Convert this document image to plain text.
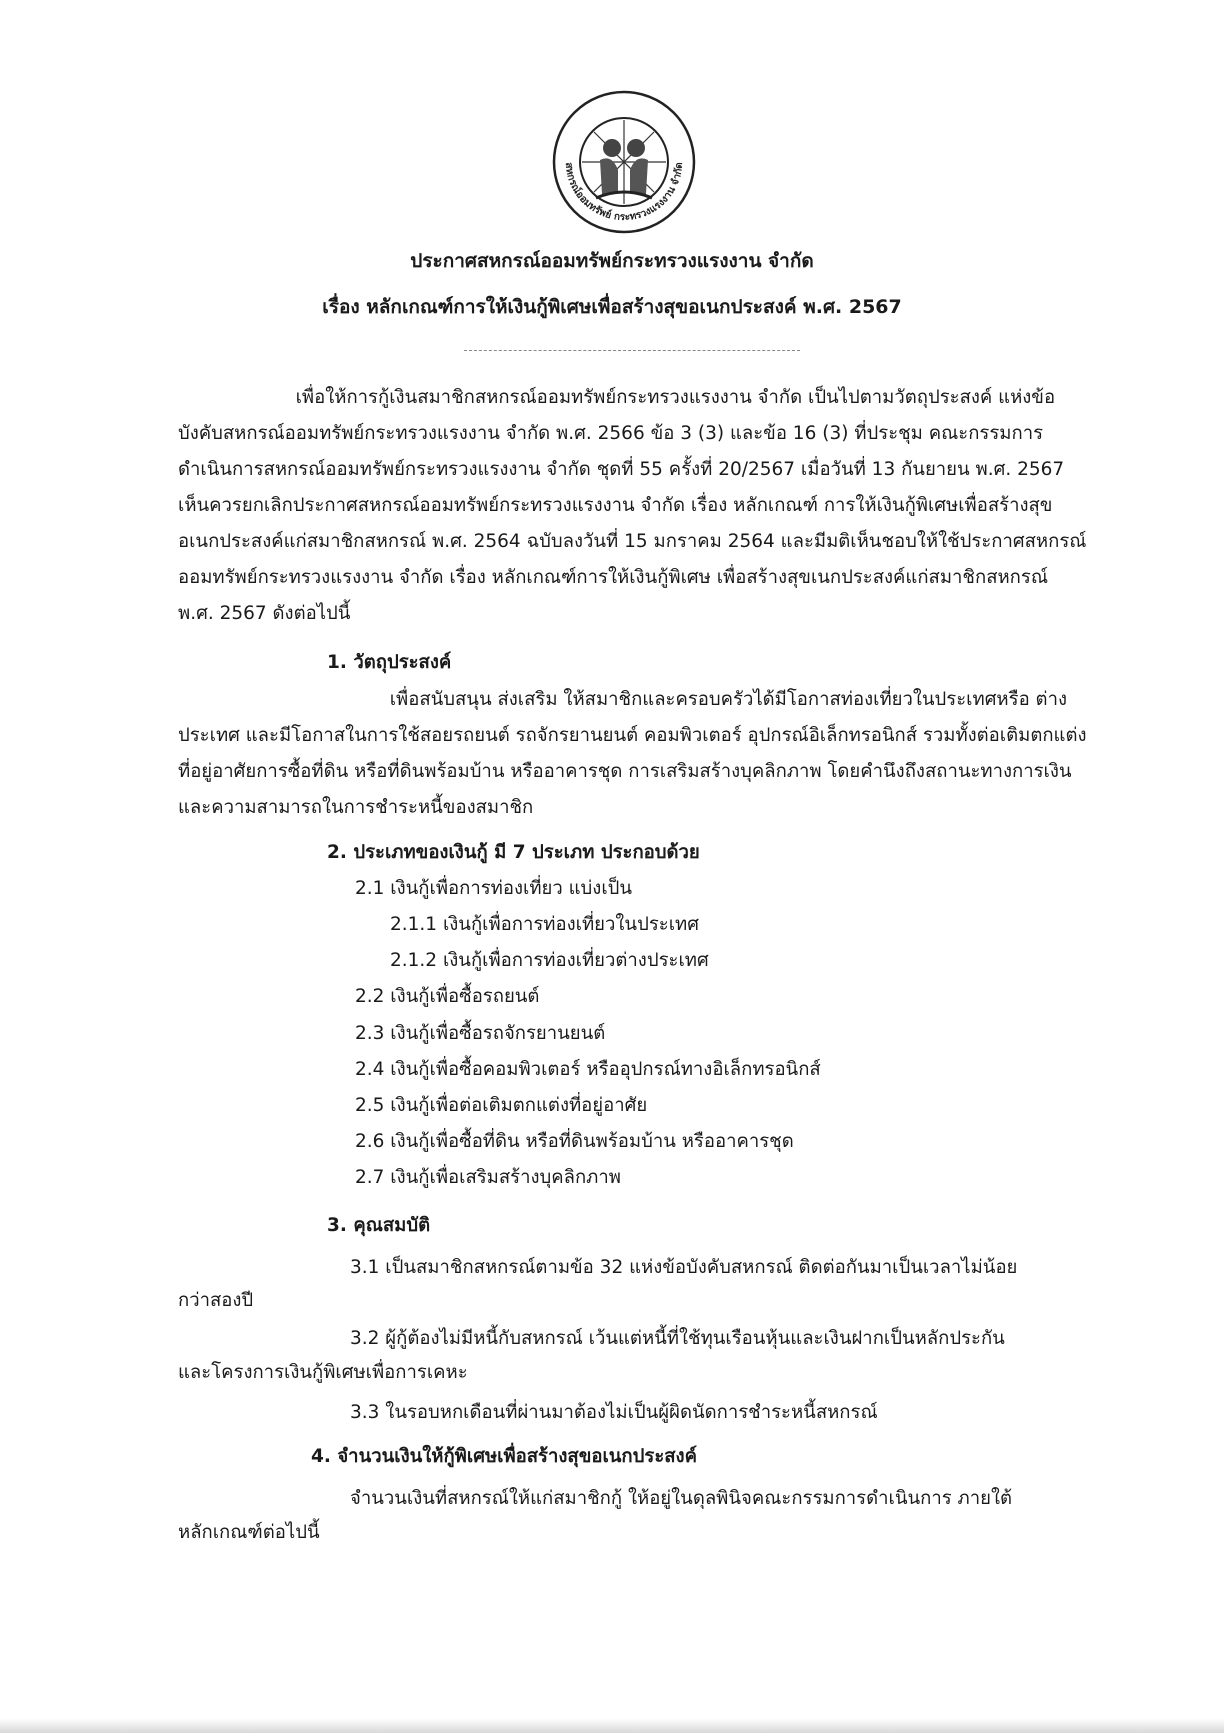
สหกรณ์ออมทรัพย์ กระทรวงแรงงาน จำกัด
ประกาศสหกรณ์ออมทรัพย์กระทรวงแรงงาน จำกัด
เรื่อง หลักเกณฑ์การให้เงินกู้พิเศษเพื่อสร้างสุขอเนกประสงค์ พ.ศ. 2567
เพื่อให้การกู้เงินสมาชิกสหกรณ์ออมทรัพย์กระทรวงแรงงาน จำกัด เป็นไปตามวัตถุประสงค์ แห่งข้อบังคับสหกรณ์ออมทรัพย์กระทรวงแรงงาน จำกัด พ.ศ. 2566 ข้อ 3 (3) และข้อ 16 (3) ที่ประชุม คณะกรรมการดำเนินการสหกรณ์ออมทรัพย์กระทรวงแรงงาน จำกัด ชุดที่ 55 ครั้งที่ 20/2567 เมื่อวันที่ 13 กันยายน พ.ศ. 2567 เห็นควรยกเลิกประกาศสหกรณ์ออมทรัพย์กระทรวงแรงงาน จำกัด เรื่อง หลักเกณฑ์ การให้เงินกู้พิเศษเพื่อสร้างสุขอเนกประสงค์แก่สมาชิกสหกรณ์ พ.ศ. 2564 ฉบับลงวันที่ 15 มกราคม 2564 และมีมติเห็นชอบให้ใช้ประกาศสหกรณ์ออมทรัพย์กระทรวงแรงงาน จำกัด เรื่อง หลักเกณฑ์การให้เงินกู้พิเศษ เพื่อสร้างสุขเนกประสงค์แก่สมาชิกสหกรณ์ พ.ศ. 2567 ดังต่อไปนี้
1. วัตถุประสงค์
เพื่อสนับสนุน ส่งเสริม ให้สมาชิกและครอบครัวได้มีโอกาสท่องเที่ยวในประเทศหรือ ต่างประเทศ และมีโอกาสในการใช้สอยรถยนต์ รถจักรยานยนต์ คอมพิวเตอร์ อุปกรณ์อิเล็กทรอนิกส์ รวมทั้งต่อเติมตกแต่งที่อยู่อาศัยการซื้อที่ดิน หรือที่ดินพร้อมบ้าน หรืออาคารชุด การเสริมสร้างบุคลิกภาพ โดยคำนึงถึงสถานะทางการเงินและความสามารถในการชำระหนี้ของสมาชิก
2. ประเภทของเงินกู้ มี 7 ประเภท ประกอบด้วย
2.1 เงินกู้เพื่อการท่องเที่ยว แบ่งเป็น
2.1.1 เงินกู้เพื่อการท่องเที่ยวในประเทศ
2.1.2 เงินกู้เพื่อการท่องเที่ยวต่างประเทศ
2.2 เงินกู้เพื่อซื้อรถยนต์
2.3 เงินกู้เพื่อซื้อรถจักรยานยนต์
2.4 เงินกู้เพื่อซื้อคอมพิวเตอร์ หรืออุปกรณ์ทางอิเล็กทรอนิกส์
2.5 เงินกู้เพื่อต่อเติมตกแต่งที่อยู่อาศัย
2.6 เงินกู้เพื่อซื้อที่ดิน หรือที่ดินพร้อมบ้าน หรืออาคารชุด
2.7 เงินกู้เพื่อเสริมสร้างบุคลิกภาพ
3. คุณสมบัติ
3.1 เป็นสมาชิกสหกรณ์ตามข้อ 32 แห่งข้อบังคับสหกรณ์ ติดต่อกันมาเป็นเวลาไม่น้อย
กว่าสองปี
3.2 ผู้กู้ต้องไม่มีหนี้กับสหกรณ์ เว้นแต่หนี้ที่ใช้ทุนเรือนหุ้นและเงินฝากเป็นหลักประกัน
และโครงการเงินกู้พิเศษเพื่อการเคหะ
3.3 ในรอบหกเดือนที่ผ่านมาต้องไม่เป็นผู้ผิดนัดการชำระหนี้สหกรณ์
4. จำนวนเงินให้กู้พิเศษเพื่อสร้างสุขอเนกประสงค์
จำนวนเงินที่สหกรณ์ให้แก่สมาชิกกู้ ให้อยู่ในดุลพินิจคณะกรรมการดำเนินการ ภายใต้
หลักเกณฑ์ต่อไปนี้
